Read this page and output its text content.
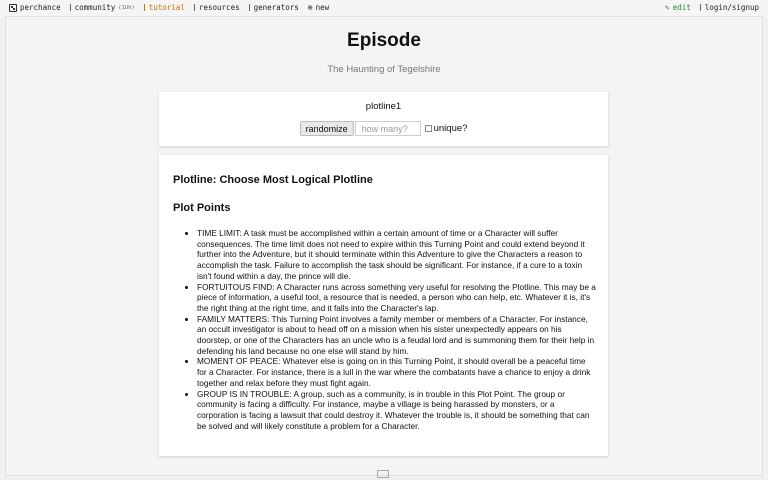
perchance community (1Uh) tutorial resources generators ⊕ new	✎ edit login/signup
Episode
The Haunting of Tegelshire
plotline1
randomize	how many?	unique?
Plotline: Choose Most Logical Plotline
Plot Points
• TIME LIMIT: A task must be accomplished within a certain amount of time or a Character will suffer consequences. The time limit does not need to expire within this Turning Point and could extend beyond it further into the Adventure, but it should terminate within this Adventure to give the Characters a reason to accomplish the task. Failure to accomplish the task should be significant. For instance, if a cure to a toxin isn't found within a day, the prince will die.
• FORTUITOUS FIND: A Character runs across something very useful for resolving the Plotline. This may be a piece of information, a useful tool, a resource that is needed, a person who can help, etc. Whatever it is, it's the right thing at the right time, and it falls into the Character's lap.
• FAMILY MATTERS: This Turning Point involves a family member or members of a Character. For instance, an occult investigator is about to head off on a mission when his sister unexpectedly appears on his doorstep, or one of the Characters has an uncle who is a feudal lord and is summoning them for their help in defending his land because no one else will stand by him.
• MOMENT OF PEACE: Whatever else is going on in this Turning Point, it should overall be a peaceful time for a Character. For instance, there is a lull in the war where the combatants have a chance to enjoy a drink together and relax before they must fight again.
• GROUP IS IN TROUBLE: A group, such as a community, is in trouble in this Plot Point. The group or community is facing a difficulty. For instance, maybe a village is being harassed by monsters, or a corporation is facing a lawsuit that could destroy it. Whatever the trouble is, it should be something that can be solved and will likely constitute a problem for a Character.
